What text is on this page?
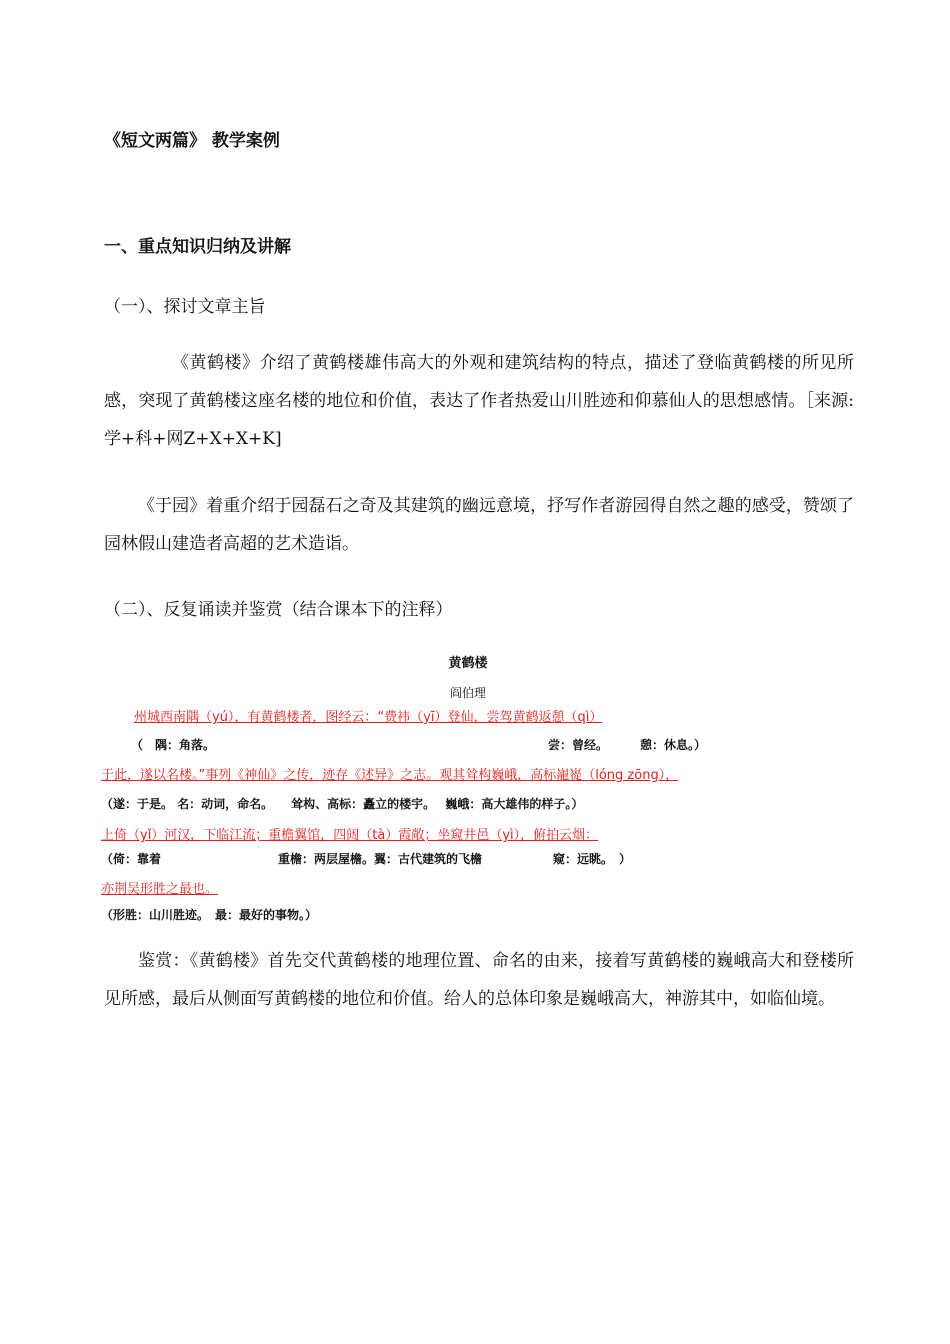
《短文两篇》 教学案例
一、重点知识归纳及讲解
（一）、探讨文章主旨
《黄鹤楼》介绍了黄鹤楼雄伟高大的外观和建筑结构的特点，描述了登临黄鹤楼的所见所感，突现了黄鹤楼这座名楼的地位和价值，表达了作者热爱山川胜迹和仰慕仙人的思想感情。［来源:学+科+网Z+X+X+K]
《于园》着重介绍于园磊石之奇及其建筑的幽远意境，抒写作者游园得自然之趣的感受，赞颂了园林假山建造者高超的艺术造诣。
（二）、反复诵读并鉴赏（结合课本下的注释）
黄鹤楼
阎伯理
州城西南隅（yú），有黄鹤楼者，图经云：“费祎（yī）登仙，尝驾黄鹤返憩（qì）
（　隅：角落。	尝：曾经。	憩：休息。）
于此，遂以名楼。”事列《神仙》之传，迹存《述异》之志。观其耸构巍峨，高标巃嵸（lóng zōng），
（遂：于是。 名：动词，命名。　　耸构、高标：矗立的楼宇。　 巍峨：高大雄伟的样子。）
上倚（yǐ）河汉，下临江流；重檐翼馆，四闼（tà）霞敞；坐窥井邑（yì），俯拍云烟：
（倚：靠着	重檐：两层屋檐。翼：古代建筑的飞檐	窥：远眺。　）
亦荆吴形胜之最也。
（形胜：山川胜迹。　最：最好的事物。）
鉴赏：《黄鹤楼》首先交代黄鹤楼的地理位置、命名的由来，接着写黄鹤楼的巍峨高大和登楼所见所感，最后从侧面写黄鹤楼的地位和价值。给人的总体印象是巍峨高大，神游其中，如临仙境。
